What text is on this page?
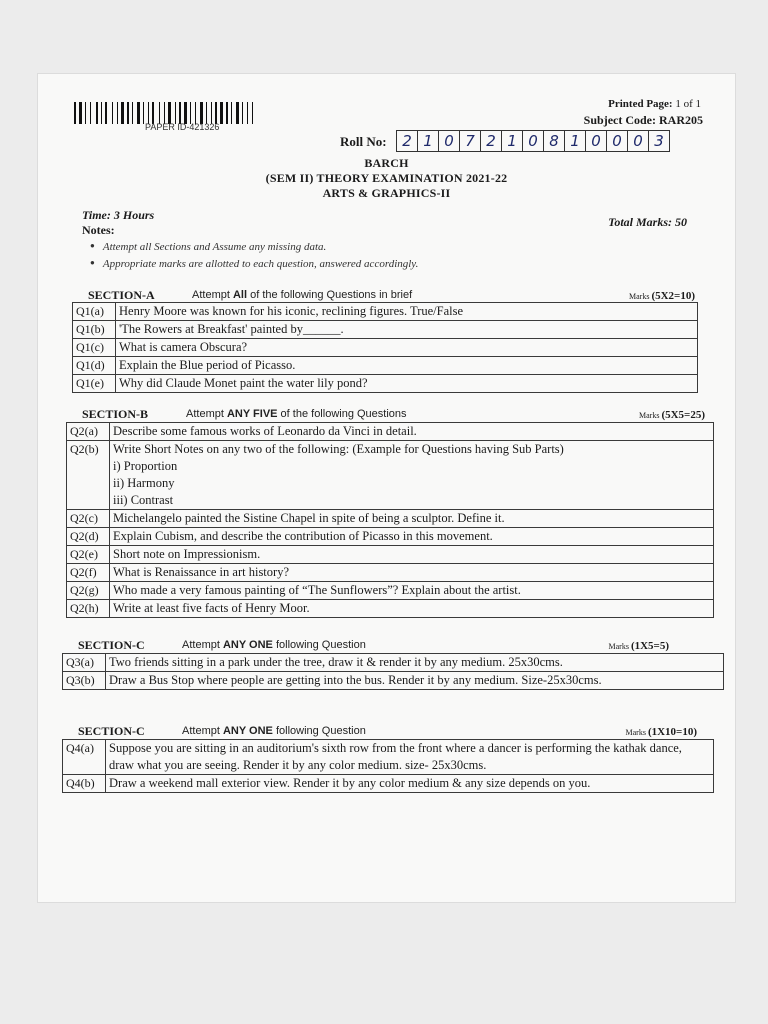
PAPER ID-421326
Printed Page: 1 of 1
Subject Code: RAR205
Roll No:	2 1 0 7 2 1 0 8 1 0 0 0 3
BARCH
(SEM II) THEORY EXAMINATION 2021-22
ARTS & GRAPHICS-II
Time: 3 Hours	Total Marks: 50
Notes:
● Attempt all Sections and Assume any missing data.
● Appropriate marks are allotted to each question, answered accordingly.
SECTION-A	Attempt All of the following Questions in brief	Marks (5X2=10)
Q1(a)	Henry Moore was known for his iconic, reclining figures. True/False
Q1(b)	'The Rowers at Breakfast' painted by______.
Q1(c)	What is camera Obscura?
Q1(d)	Explain the Blue period of Picasso.
Q1(e)	Why did Claude Monet paint the water lily pond?
SECTION-B	Attempt ANY FIVE of the following Questions	Marks (5X5=25)
Q2(a)	Describe some famous works of Leonardo da Vinci in detail.
Q2(b)	Write Short Notes on any two of the following: (Example for Questions having Sub Parts)
i) Proportion
ii) Harmony
iii) Contrast

Q2(c)	Michelangelo painted the Sistine Chapel in spite of being a sculptor. Define it.
Q2(d)	Explain Cubism, and describe the contribution of Picasso in this movement.
Q2(e)	Short note on Impressionism.
Q2(f)	What is Renaissance in art history?
Q2(g)	Who made a very famous painting of “The Sunflowers”? Explain about the artist.
Q2(h)	Write at least five facts of Henry Moor.
SECTION-C	Attempt ANY ONE following Question	Marks (1X5=5)
Q3(a)	Two friends sitting in a park under the tree, draw it & render it by any medium. 25x30cms.
Q3(b)	Draw a Bus Stop where people are getting into the bus. Render it by any medium. Size-25x30cms.
SECTION-C	Attempt ANY ONE following Question	Marks (1X10=10)
Q4(a)	Suppose you are sitting in an auditorium's sixth row from the front where a dancer is performing the kathak dance, draw what you are seeing. Render it by any color medium. size- 25x30cms.
Q4(b)	Draw a weekend mall exterior view. Render it by any color medium & any size depends on you.
